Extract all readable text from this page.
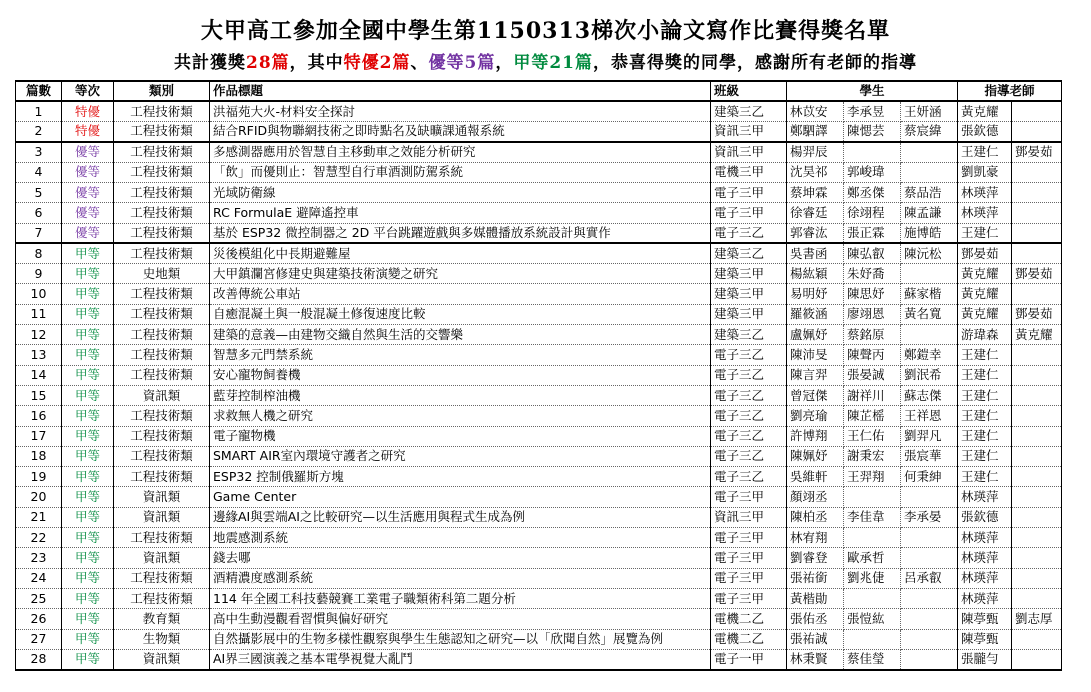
大甲高工參加全國中學生第1150313梯次小論文寫作比賽得獎名單
共計獲獎28篇，其中特優2篇、優等5篇，甲等21篇，恭喜得獎的同學，感謝所有老師的指導
篇數	等次	類別	作品標題	班級	學生			指導老師	
1	特優	工程技術類	洪福苑大火-材料安全探討	建築三乙	林苡安	李承昱	王妍涵	黃克耀	
2	特優	工程技術類	結合RFID與物聯網技術之即時點名及缺曠課通報系統	資訊三甲	鄭駟譯	陳愢芸	蔡宸緯	張欽德	
3	優等	工程技術類	多感測器應用於智慧自主移動車之效能分析研究	資訊三甲	楊羿辰			王建仁	鄧晏茹
4	優等	工程技術類	「飲」而優則止：智慧型自行車酒測防駕系統	電機三甲	沈昊祁	郭峻瑋		劉凱豪	
5	優等	工程技術類	光域防衛線	電子三甲	蔡坤霖	鄭丞傑	蔡品浩	林瑛萍	
6	優等	工程技術類	RC FormulaE 避障遙控車	電子三甲	徐睿廷	徐翊程	陳孟謙	林瑛萍	
7	優等	工程技術類	基於 ESP32 微控制器之 2D 平台跳躍遊戲與多媒體播放系統設計與實作	電子三乙	郭睿汯	張正霖	施博皓	王建仁	
8	甲等	工程技術類	災後模組化中長期避難屋	建築三乙	吳書函	陳弘叡	陳沅松	鄧晏茹	
9	甲等	史地類	大甲鎮瀾宮修建史與建築技術演變之研究	建築三甲	楊紘穎	朱妤喬		黃克耀	鄧晏茹
10	甲等	工程技術類	改善傳統公車站	建築三甲	易明妤	陳思妤	蘇家楷	黃克耀	
11	甲等	工程技術類	自癒混凝土與一般混凝土修復速度比較	建築三甲	羅筱涵	廖翊恩	黃名寬	黃克耀	鄧晏茹
12	甲等	工程技術類	建築的意義—由建物交織自然與生活的交響樂	建築三乙	盧姵妤	蔡銘原		游瑋森	黃克耀
13	甲等	工程技術類	智慧多元門禁系統	電子三乙	陳沛旻	陳聲丙	鄭鎧幸	王建仁	
14	甲等	工程技術類	安心寵物飼養機	電子三乙	陳言羿	張晏誠	劉泯希	王建仁	
15	甲等	資訊類	藍芽控制榨油機	電子三乙	曾冠傑	謝祥川	蘇志傑	王建仁	
16	甲等	工程技術類	求救無人機之研究	電子三乙	劉亮瑜	陳芷榣	王祥恩	王建仁	
17	甲等	工程技術類	電子寵物機	電子三乙	許博翔	王仁佑	劉羿凡	王建仁	
18	甲等	工程技術類	SMART AIR室內環境守護者之研究	電子三乙	陳姵妤	謝秉宏	張宸華	王建仁	
19	甲等	工程技術類	ESP32 控制俄羅斯方塊	電子三乙	吳維軒	王羿翔	何秉紳	王建仁	
20	甲等	資訊類	Game Center	電子三甲	顏翊丞			林瑛萍	
21	甲等	資訊類	邊緣AI與雲端AI之比較研究—以生活應用與程式生成為例	資訊三甲	陳柏丞	李佳韋	李承晏	張欽德	
22	甲等	工程技術類	地震感測系統	電子三甲	林宥翔			林瑛萍	
23	甲等	資訊類	錢去哪	電子三甲	劉睿登	歐承哲		林瑛萍	
24	甲等	工程技術類	酒精濃度感測系統	電子三甲	張祐銜	劉兆倢	呂承叡	林瑛萍	
25	甲等	工程技術類	114 年全國工科技藝競賽工業電子職類術科第二題分析	電子三甲	黃楷勛			林瑛萍	
26	甲等	教育類	高中生動漫觀看習慣與偏好研究	電機二乙	張佑丞	張愷紘		陳葶甄	劉志厚
27	甲等	生物類	自然攝影展中的生物多樣性觀察與學生生態認知之研究—以「欣聞自然」展覽為例	電機二乙	張祐誠			陳葶甄	
28	甲等	資訊類	AI界三國演義之基本電學視覺大亂鬥	電子一甲	林秉賢	蔡佳瑩		張朧勻	
